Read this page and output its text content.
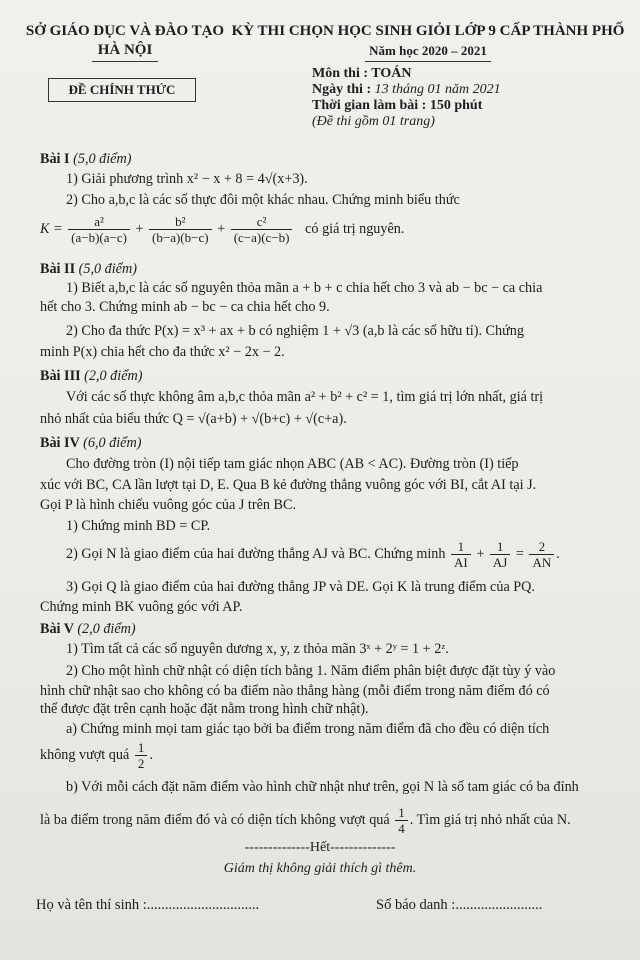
SỞ GIÁO DỤC VÀ ĐÀO TẠO
HÀ NỘI
KỲ THI CHỌN HỌC SINH GIỎI LỚP 9 CẤP THÀNH PHỐ
Năm học 2020 – 2021
ĐỀ CHÍNH THỨC
Môn thi : TOÁN
Ngày thi : 13 tháng 01 năm 2021
Thời gian làm bài : 150 phút
(Đề thi gồm 01 trang)
Bài I (5,0 điểm)
1) Giải phương trình x² − x + 8 = 4√(x+3).
2) Cho a,b,c là các số thực đôi một khác nhau. Chứng minh biểu thức
$K = \frac{\text{a²}}{(a-b)(a-c)} + \frac{\text{b²}}{(b-a)(b-c)} + \frac{\text{c²}}{(c-a)(c-b)}$ có giá trị nguyên.
Bài II (5,0 điểm)
1) Biết a,b,c là các số nguyên thỏa mãn a + b + c chia hết cho 3 và ab − bc − ca chia
hết cho 3. Chứng minh ab − bc − ca chia hết cho 9.
2) Cho đa thức P(x) = x³ + ax + b có nghiệm 1 + √3 (a,b là các số hữu tỉ). Chứng
minh P(x) chia hết cho đa thức x² − 2x − 2.
Bài III (2,0 điểm)
Với các số thực không âm a,b,c thỏa mãn a² + b² + c² = 1, tìm giá trị lớn nhất, giá trị
nhỏ nhất của biểu thức Q = √(a+b) + √(b+c) + √(c+a).
Bài IV (6,0 điểm)
Cho đường tròn (I) nội tiếp tam giác nhọn ABC (AB < AC). Đường tròn (I) tiếp
xúc với BC, CA lần lượt tại D, E. Qua B kẻ đường thẳng vuông góc với BI, cắt AI tại J.
Gọi P là hình chiếu vuông góc của J trên BC.
1) Chứng minh BD = CP.
2) Gọi N là giao điểm của hai đường thẳng AJ và BC. Chứng minh $\frac{1}{AI} + \frac{1}{AJ} = \frac{2}{AN}$ .
3) Gọi Q là giao điểm của hai đường thẳng JP và DE. Gọi K là trung điểm của PQ.
Chứng minh BK vuông góc với AP.
Bài V (2,0 điểm)
1) Tìm tất cả các số nguyên dương x, y, z thỏa mãn 3ˣ + 2ʸ = 1 + 2ᶻ.
2) Cho một hình chữ nhật có diện tích bằng 1. Năm điểm phân biệt được đặt tùy ý vào
hình chữ nhật sao cho không có ba điểm nào thẳng hàng (mỗi điểm trong năm điểm đó có
thể được đặt trên cạnh hoặc đặt nằm trong hình chữ nhật).
a) Chứng minh mọi tam giác tạo bởi ba điểm trong năm điểm đã cho đều có diện tích
không vượt quá $\frac{1}{2}$ .
b) Với mỗi cách đặt năm điểm vào hình chữ nhật như trên, gọi N là số tam giác có ba đỉnh
là ba điểm trong năm điểm đó và có diện tích không vượt quá $\frac{1}{4}$ . Tìm giá trị nhỏ nhất của N.
--------------Hết--------------
Giám thị không giải thích gì thêm.
Họ và tên thí sinh :...............................	Số báo danh :........................
